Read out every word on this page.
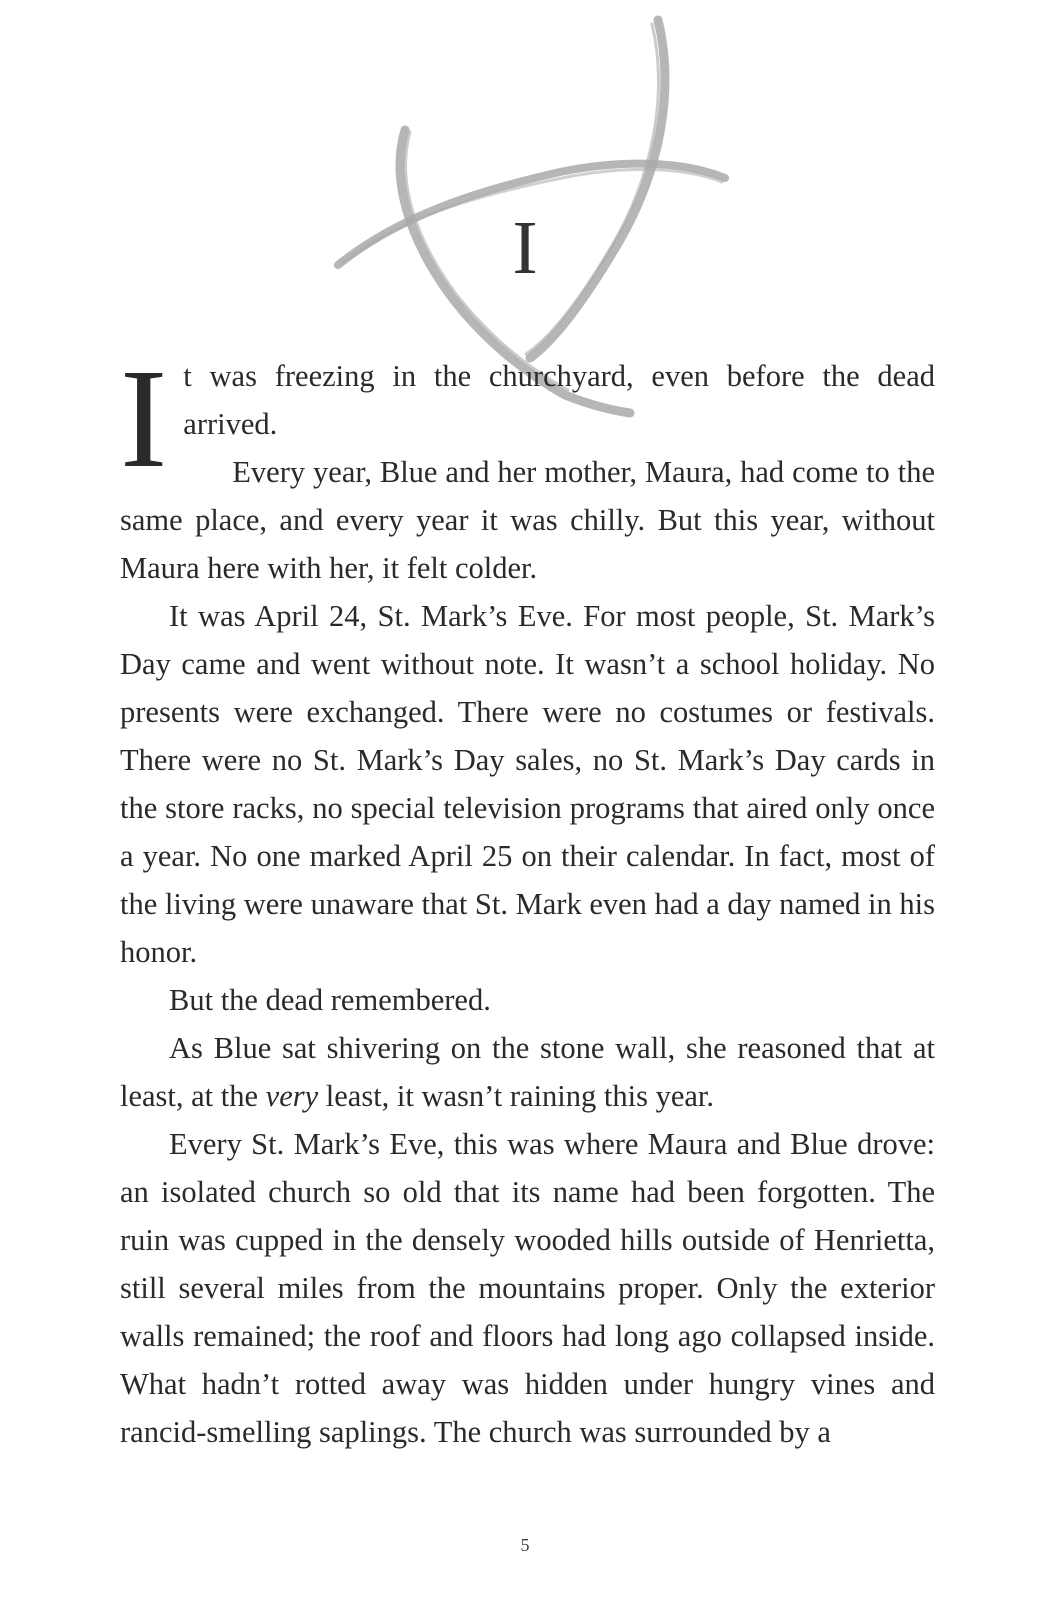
I

It was freezing in the churchyard, even before the dead arrived.

Every year, Blue and her mother, Maura, had come to the same place, and every year it was chilly. But this year, without Maura here with her, it felt colder.

It was April 24, St. Mark’s Eve. For most people, St. Mark’s Day came and went without note. It wasn’t a school holiday. No presents were exchanged. There were no costumes or festivals. There were no St. Mark’s Day sales, no St. Mark’s Day cards in the store racks, no special television programs that aired only once a year. No one marked April 25 on their calendar. In fact, most of the living were unaware that St. Mark even had a day named in his honor.

But the dead remembered.

As Blue sat shivering on the stone wall, she reasoned that at least, at the very least, it wasn’t raining this year.

Every St. Mark’s Eve, this was where Maura and Blue drove: an isolated church so old that its name had been forgotten. The ruin was cupped in the densely wooded hills outside of Henrietta, still several miles from the mountains proper. Only the exterior walls remained; the roof and floors had long ago collapsed inside. What hadn’t rotted away was hidden under hungry vines and rancid-smelling saplings. The church was surrounded by a

5
